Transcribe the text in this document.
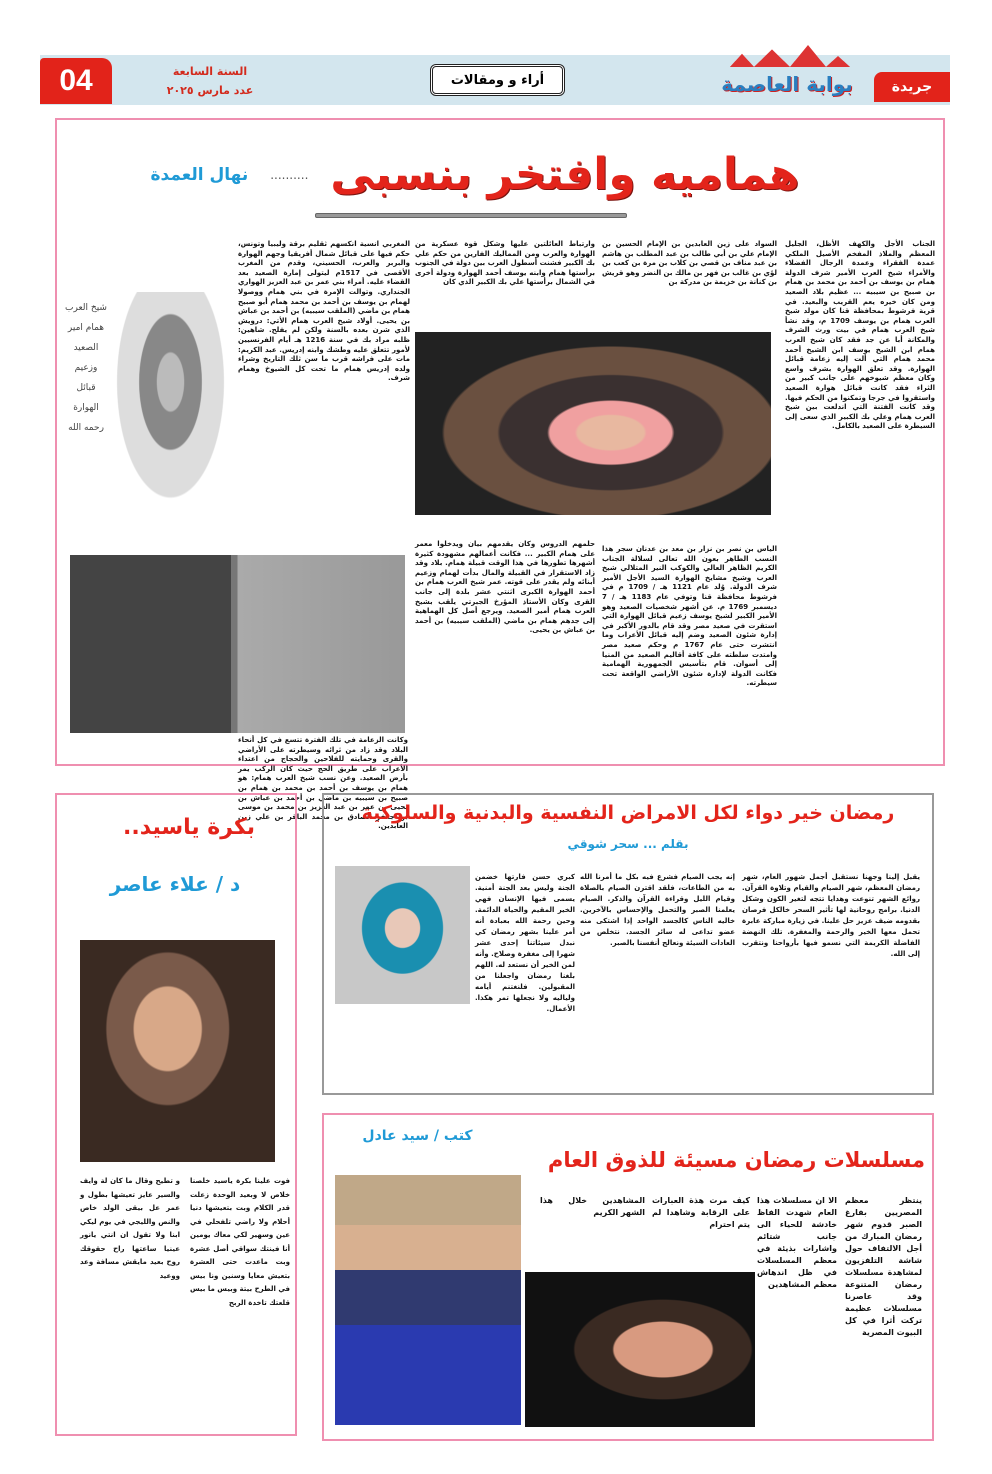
04	السنة السابعة
عدد مارس ٢٠٢٥
أراء و ومقالات	بوابة العاصمة	جريدة
هماميه وافتخر بنسبى
..........
نهال العمدة
الجناب الأجل والكهف الأظل، الجليل المعظم والملاذ المفخم الأصيل الملكي عمدة الفقراء وعمدة الرجال الفضلاء والأمراء شيخ العرب الأمير شرف الدولة همام بن يوسف بن أحمد بن محمد بن همام بن صبيح بن سيبيه ... عظيم بلاد الصعيد ومن كان خيره يعم القريب والبعيد. في قرية فرشوط بمحافظة قنا كان مولد شيخ العرب همام بن يوسف 1709 م، وقد نشأ شيخ العرب همام في بيت ورث الشرف والمكانة أبا عن جد فقد كان شيخ العرب همام ابن الشيخ يوسف ابن الشيخ أحمد محمد همام التي ألت إليه زعامة قبائل الهوارة. وقد تعلق الهوارة بشرف واسع وكان معظم شيوخهم على جانب كبير من الثراء فقد كانت قبائل هوارة الصعيد واستقروا في جرجا وتمكنوا من الحكم فيها. وقد كانت الفتنة التي اندلعت بين شيخ العرب همام وعلي بك الكبير الذي سعى إلى السيطرة على الصعيد بالكامل.
السواد على زين العابدين بن الإمام الحسين بن الإمام علي بن أبي طالب بن عبد المطلب بن هاشم بن عبد مناف بن قصي بن كلاب بن مرة بن كعب بن لؤي بن غالب بن فهر بن مالك بن النضر وهو قريش بن كنانة بن خزيمة بن مدركة بن
وارتباط العائلتين عليها وشكل قوة عسكرية من الهوارة والعرب ومن المماليك الفارين من حكم علي بك الكبير فشنت أسطول العرب بين دولة في الجنوب برأستها همام وابنه يوسف أحمد الهوارة ودولة أخرى في الشمال برأستها علي بك الكبير الذي كان
المغربي انسية انكسهم ثقليم برقة وليبيا وتونس، حكم فيها على قبائل شمال أفريقيا وجهم الهوارة والبربر والعرب، الحسيني، وقدم من المغرب الأقصى في 1517م ليتولى إمارة الصعيد بعد القضاء عليه. أمراء بني عمر بن عبد العزيز الهواري الجنداري. وتوالت الإمرة في بني همام ووصولا لهمام بن يوسف بن أحمد بن محمد همام أبو صبيح همام بن ماضي (الملقب سيبيه) بن أحمد بن عباش بن يحيى. أولاد شيخ العرب همام الأتي: درويش الذي شرن بعده بالسنة ولكن لم يفلح. شاهين: ظلبه مراد بك في سنة 1216 هـ أيام الفرنسيين لأمور تتعلق عليه وطشك وابنه إدريس. عبد الكريم: مات على فراشه قرب ما سن ثلك التاريخ وشراء ولده إدريس همام ما تحت كل الشيوخ وهمام شرف.
شيخ العرب همام امير الصعيد وزعيم قبائل الهوارة رحمه الله
الياس بن نصر بن نزار بن معد بن عدنان سجر هذا النسب الطاهر بعون الله تعالى لسلالة الجناب الكريم الظاهر العالي والكوكب النير المتلالي شيخ العرب وشيخ مشايخ الهوارة السيد الأجل الأمير شرف الدولة. وُلد عام 1121 هـ / 1709 م في فرشوط محافظة قنا وتوفي عام 1183 هـ / 7 ديسمبر 1769 م. عن أشهر شخصيات الصعيد وهو الأمير الكبير لشيخ يوسف زعيم قبائل الهوارة التي استقرت في صعيد مصر وقد قام بالدور الأكبر في إدارة شئون الصعيد وضم إليه قبائل الأعراب وما انتشرت حتى عام 1767 م وحكم صعيد مصر وامتدت سلطته على كافة أقاليم الصعيد من المنيا إلى أسوان. قام بتأسيس الجمهورية الهمامية فكانت الدولة لإدارة شئون الأراضي الواقعة تحت سيطرته.
حلمهم الدروس وكان يقدمهم بيان ويدخلوا معمر على همام الكبير ... فكانت أعمالهم مشهودة كثيرة أشهرها تطورها في هذا الوقت قبيلة همام. بلاد وقد زاد الاستقرار في القبيلة والمال بدأت لهمام وزعيم أبنائه ولم يقدر على قوته. عمر شيخ العرب همام بن أحمد الهوارة الكبرى اثنتي عشر بلدة إلى جانب القرى وكان الأستاذ المؤرخ الجبرتي يلقب بشيخ العرب همام أمير الصعيد. ويرجع أصل كل الهماهية إلى جدهم همام بن ماضي (الملقب سيبيه) بن أحمد بن عباش بن يحيى.
وكانت الزعامة في تلك الفترة تتسع في كل أنحاء البلاد وقد زاد من ثرائه وسيطرته على الأراضي والقرى وحمايته للفلاحين والحجاج من اعتداء الأعراب على طريق الحج حيث كان الركب يمر بأرض الصعيد. وعن نسب شيخ العرب همام: هو همام بن يوسف بن أحمد بن محمد بن همام بن صبيح بن سيبيه بن ماضي بن أحمد بن عباش بن يحيى بن عمر بن عبد العزيز بن محمد بن موسى بن جعفر الصادق بن محمد الباقر بن علي زين العابدين.
بكرة ياسيد..
د / علاء عاصر
فوت علينا بكرة ياسيد خلصنا خلاص لا وبعيد الوحدة زعلت قدر الكلام وبت بتعيشها دنيا أحلام ولا راضي تلفحلي في عين وسهير لكي معاك يومين أنا فينتك سواقي أصل عشرة وبت ماعدت حتى العشرة بتعيش معايا وسنين ونا بيس في الطرح بيتة وبيس ما بيس قلعتك تاخدة الربح
و تطيح وقال ما كان لة وايف والسير عايز تعيشها بطول و عمر عل بيقى الولد خاص والنص والليجي في يوم ليكي ابنا ولا تقول ان انتي يانور عينيا ساعتها راح حقوقك روح بعيد مايقش مسافة وعد ووعيد
رمضان خير دواء لكل الامراض النفسية والبدنية والسلوكية
بقلم ... سحر شوقي
يقبل إلينا وجهنا نستقبل أجمل شهور العام، شهر رمضان المعظم، شهر الصيام والقيام وتلاوة القرآن. روائع الشهر تنوعت وهدايا تتجه لتغير الكون وشكل الدنيا. برامج روحانية لها تأثير السحر خالكل فرصان بقدومه ضيف عزيز حل علينا. في زيارة مباركة عابرة تحمل معها الخير والرحمة والمغفرة. تلك النهضة الفاضلة الكريمة التي نسمو فيها بأرواحنا ونتقرب إلى الله.
إنه يجب الصيام فشرع فيه بكل ما أمرنا الله به من الطاعات، فلقد اقترن الصيام بالصلاة وقيام الليل وقراءة القرآن والذكر. الصيام يعلمنا الصبر والتحمل والإحساس بالآخرين. خاليه الناس كالجسد الواحد إذا اشتكى منه عضو تداعى له سائر الجسد. نتخلص من العادات السيئة ونعالج أنفسنا بالصبر.
كبري حسن فارتها خضمن الجنة وليس بعد الجنة أمنية. يسمى فيها الإنسان فهي الخير المقيم والحياة الدائمة. وحين رحمة الله بعبادة أنه أمر علينا بشهر رمضان كي نبدل سيئاتنا إحدى عشر شهرا إلى مغفرة وصلاح. وأنه لمن الخير أن نستعد له. اللهم بلغنا رمضان واجعلنا من المقبولين. فلنغتنم أيامه ولياليه ولا نجعلها تمر هكذا. الأعمال.
مسلسلات رمضان مسيئة للذوق العام
كتب / سيد عادل
ينتظر معظم المصريين بفارغ الصبر قدوم شهر رمضان المبارك من أجل الالتفاف حول شاشة التلفزيون لمشاهدة مسلسلات رمضان المتنوعة وقد عاصرنا مسلسلات عظيمة تركت أثرا في كل البيوت المصرية
الا ان مسلسلات هذا العام شهدت الفاظ خادشة للحياء الى جانب شتائم واشارات بذيئة في معظم المسلسلات في ظل اندهاش معظم المشاهدين
كيف مرت هذة العبارات على الرقابة وشاهدا لم يتم احترام
المشاهدين خلال هذا الشهر الكريم
